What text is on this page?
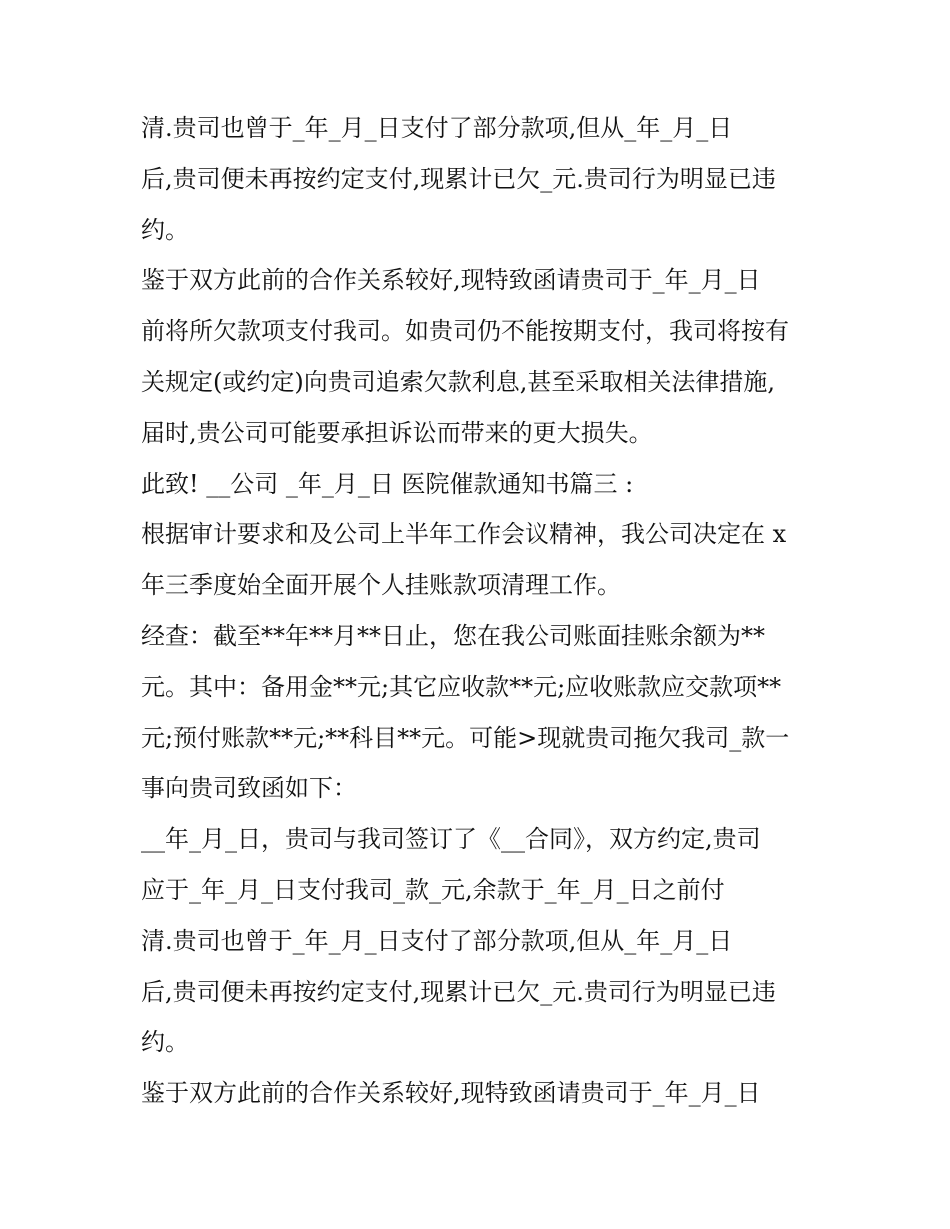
清.贵司也曾于_年_月_日支付了部分款项,但从_年_月_日
后,贵司便未再按约定支付,现累计已欠_元.贵司行为明显已违
约。
鉴于双方此前的合作关系较好,现特致函请贵司于_年_月_日
前将所欠款项支付我司。如贵司仍不能按期支付，我司将按有
关规定(或约定)向贵司追索欠款利息,甚至采取相关法律措施,
届时,贵公司可能要承担诉讼而带来的更大损失。
此致! __公司 _年_月_日 医院催款通知书篇三 :
根据审计要求和及公司上半年工作会议精神，我公司决定在 x
年三季度始全面开展个人挂账款项清理工作。
经查：截至**年**月**日止，您在我公司账面挂账余额为**
元。其中：备用金**元;其它应收款**元;应收账款应交款项**
元;预付账款**元;**科目**元。可能>现就贵司拖欠我司_款一
事向贵司致函如下：
__年_月_日，贵司与我司签订了《__合同》，双方约定,贵司
应于_年_月_日支付我司_款_元,余款于_年_月_日之前付
清.贵司也曾于_年_月_日支付了部分款项,但从_年_月_日
后,贵司便未再按约定支付,现累计已欠_元.贵司行为明显已违
约。
鉴于双方此前的合作关系较好,现特致函请贵司于_年_月_日
